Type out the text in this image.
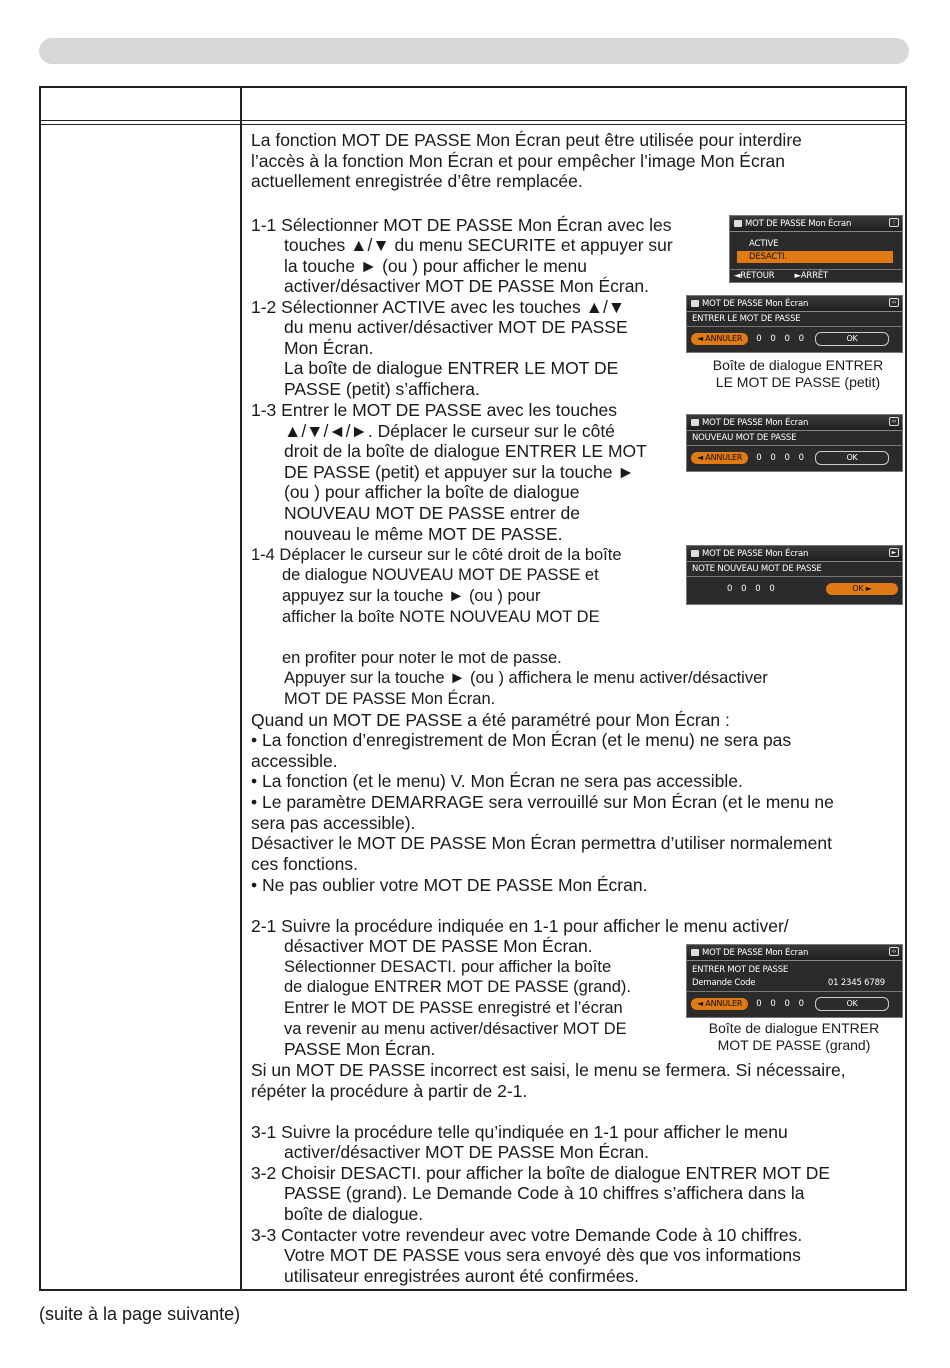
La fonction MOT DE PASSE Mon Écran peut être utilisée pour interdire
l’accès à la fonction Mon Écran et pour empêcher l’image Mon Écran
actuellement enregistrée d’être remplacée.
1-1 Sélectionner MOT DE PASSE Mon Écran avec les
touches ▲/▼ du menu SECURITE et appuyer sur
la touche ► (ou ) pour afficher le menu
activer/désactiver MOT DE PASSE Mon Écran.
1-2 Sélectionner ACTIVE avec les touches ▲/▼
du menu activer/désactiver MOT DE PASSE
Mon Écran.
La boîte de dialogue ENTRER LE MOT DE
PASSE (petit) s’affichera.
1-3 Entrer le MOT DE PASSE avec les touches
▲/▼/◄/►. Déplacer le curseur sur le côté
droit de la boîte de dialogue ENTRER LE MOT
DE PASSE (petit) et appuyer sur la touche ►
(ou ) pour afficher la boîte de dialogue
NOUVEAU MOT DE PASSE entrer de
nouveau le même MOT DE PASSE.
1-4 Déplacer le curseur sur le côté droit de la boîte
de dialogue NOUVEAU MOT DE PASSE et
appuyez sur la touche ► (ou ) pour
afficher la boîte NOTE NOUVEAU MOT DE
en profiter pour noter le mot de passe.
Appuyer sur la touche ► (ou ) affichera le menu activer/désactiver
MOT DE PASSE Mon Écran.
Quand un MOT DE PASSE a été paramétré pour Mon Écran :
• La fonction d’enregistrement de Mon Écran (et le menu) ne sera pas
accessible.
• La fonction (et le menu) V. Mon Écran ne sera pas accessible.
• Le paramètre DEMARRAGE sera verrouillé sur Mon Écran (et le menu ne
sera pas accessible).
Désactiver le MOT DE PASSE Mon Écran permettra d’utiliser normalement
ces fonctions.
• Ne pas oublier votre MOT DE PASSE Mon Écran.
2-1 Suivre la procédure indiquée en 1-1 pour afficher le menu activer/
désactiver MOT DE PASSE Mon Écran.
Sélectionner DESACTI. pour afficher la boîte
de dialogue ENTRER MOT DE PASSE (grand).
Entrer le MOT DE PASSE enregistré et l’écran
va revenir au menu activer/désactiver MOT DE
PASSE Mon Écran.
Si un MOT DE PASSE incorrect est saisi, le menu se fermera. Si nécessaire,
répéter la procédure à partir de 2-1.
3-1 Suivre la procédure telle qu’indiquée en 1-1 pour afficher le menu
activer/désactiver MOT DE PASSE Mon Écran.
3-2 Choisir DESACTI. pour afficher la boîte de dialogue ENTRER MOT DE
PASSE (grand). Le Demande Code à 10 chiffres s’affichera dans la
boîte de dialogue.
3-3 Contacter votre revendeur avec votre Demande Code à 10 chiffres.
Votre MOT DE PASSE vous sera envoyé dès que vos informations
utilisateur enregistrées auront été confirmées.
MOT DE PASSE Mon Écran	⋮
ACTIVE
DESACTI.
◄RETOUR ►ARRÊT
MOT DE PASSE Mon Écran	‹›
ENTRER LE MOT DE PASSE
◄ ANNULER	0 0 0 0	OK
Boîte de dialogue ENTRER
LE MOT DE PASSE (petit)
MOT DE PASSE Mon Écran	‹›
NOUVEAU MOT DE PASSE
◄ ANNULER	0 0 0 0	OK
MOT DE PASSE Mon Écran	►
NOTE NOUVEAU MOT DE PASSE
0 0 0 0	OK ►
MOT DE PASSE Mon Écran	‹›
ENTRER MOT DE PASSE
Demande Code	01 2345 6789
◄ ANNULER	0 0 0 0	OK
Boîte de dialogue ENTRER
MOT DE PASSE (grand)
(suite à la page suivante)
